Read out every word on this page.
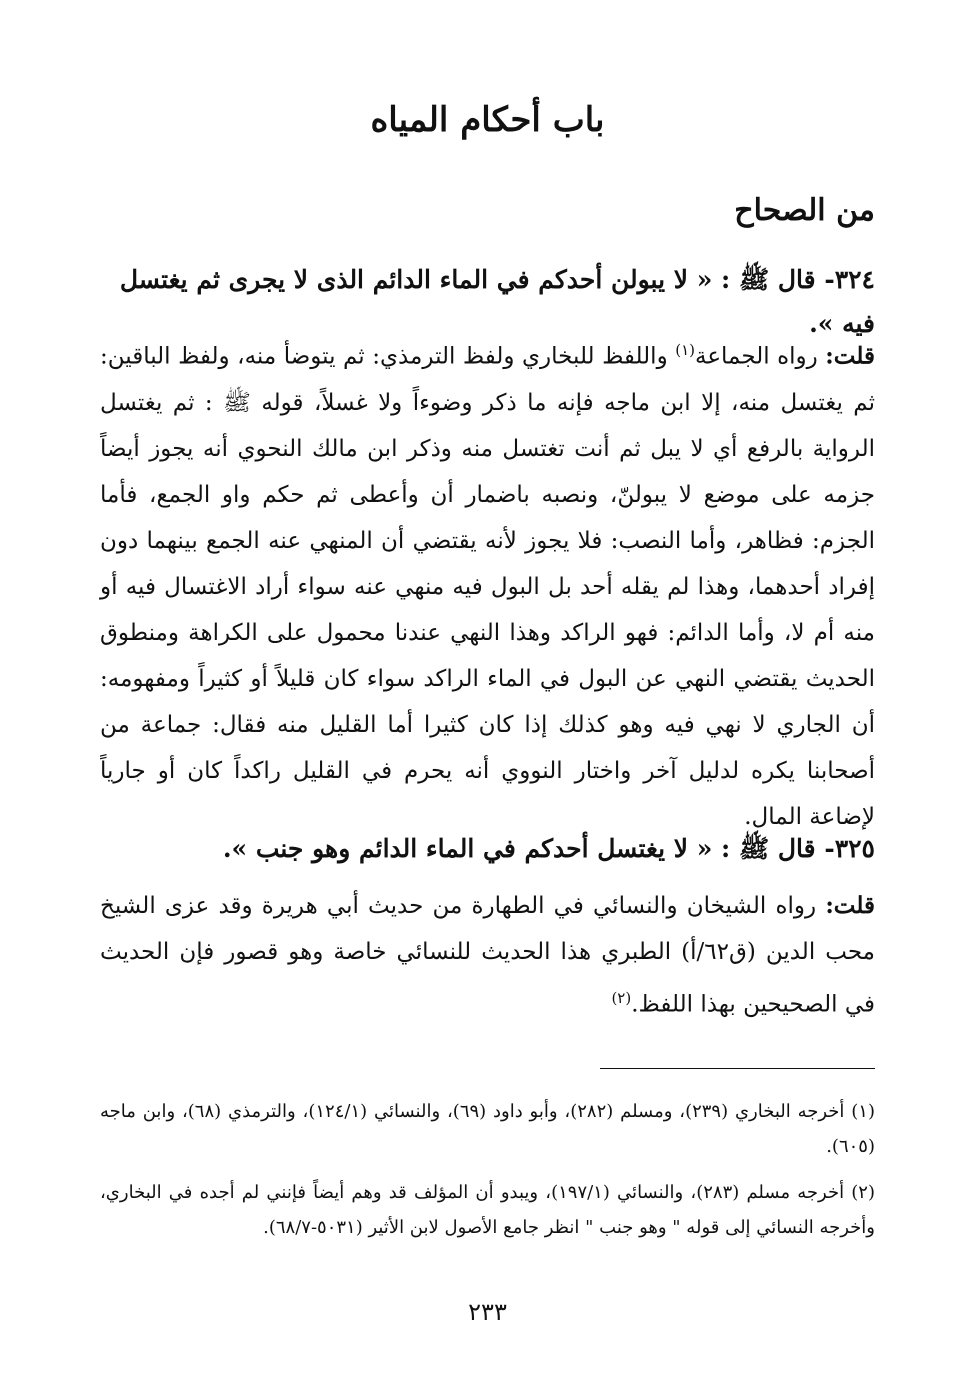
باب أحكام المياه
من الصحاح
٣٢٤- قال ﷺ : « لا يبولن أحدكم في الماء الدائم الذى لا يجرى ثم يغتسل فيه ».
قلت: رواه الجماعة$^{(١)}$ واللفظ للبخاري ولفظ الترمذي: ثم يتوضأ منه، ولفظ الباقين: ثم يغتسل منه، إلا ابن ماجه فإنه ما ذكر وضوءاً ولا غسلاً، قوله ﷺ : ثم يغتسل الرواية بالرفع أي لا يبل ثم أنت تغتسل منه وذكر ابن مالك النحوي أنه يجوز أيضاً جزمه على موضع لا يبولنّ، ونصبه باضمار أن وأعطى ثم حكم واو الجمع، فأما الجزم: فظاهر، وأما النصب: فلا يجوز لأنه يقتضي أن المنهي عنه الجمع بينهما دون إفراد أحدهما، وهذا لم يقله أحد بل البول فيه منهي عنه سواء أراد الاغتسال فيه أو منه أم لا، وأما الدائم: فهو الراكد وهذا النهي عندنا محمول على الكراهة ومنطوق الحديث يقتضي النهي عن البول في الماء الراكد سواء كان قليلاً أو كثيراً ومفهومه: أن الجاري لا نهي فيه وهو كذلك إذا كان كثيرا أما القليل منه فقال: جماعة من أصحابنا يكره لدليل آخر واختار النووي أنه يحرم في القليل راكداً كان أو جارياً لإضاعة المال.
٣٢٥- قال ﷺ : « لا يغتسل أحدكم في الماء الدائم وهو جنب ».
قلت: رواه الشيخان والنسائي في الطهارة من حديث أبي هريرة وقد عزى الشيخ محب الدين (ق٦٢/أ) الطبري هذا الحديث للنسائي خاصة وهو قصور فإن الحديث في الصحيحين بهذا اللفظ.$^{(٢)}$
(١) أخرجه البخاري (٢٣٩)، ومسلم (٢٨٢)، وأبو داود (٦٩)، والنسائي (١٢٤/١)، والترمذي (٦٨)، وابن ماجه (٦٠٥).
(٢) أخرجه مسلم (٢٨٣)، والنسائي (١٩٧/١)، ويبدو أن المؤلف قد وهم أيضاً فإنني لم أجده في البخاري، وأخرجه النسائي إلى قوله " وهو جنب " انظر جامع الأصول لابن الأثير (٥٠٣١-٦٨/٧).
٢٣٣
